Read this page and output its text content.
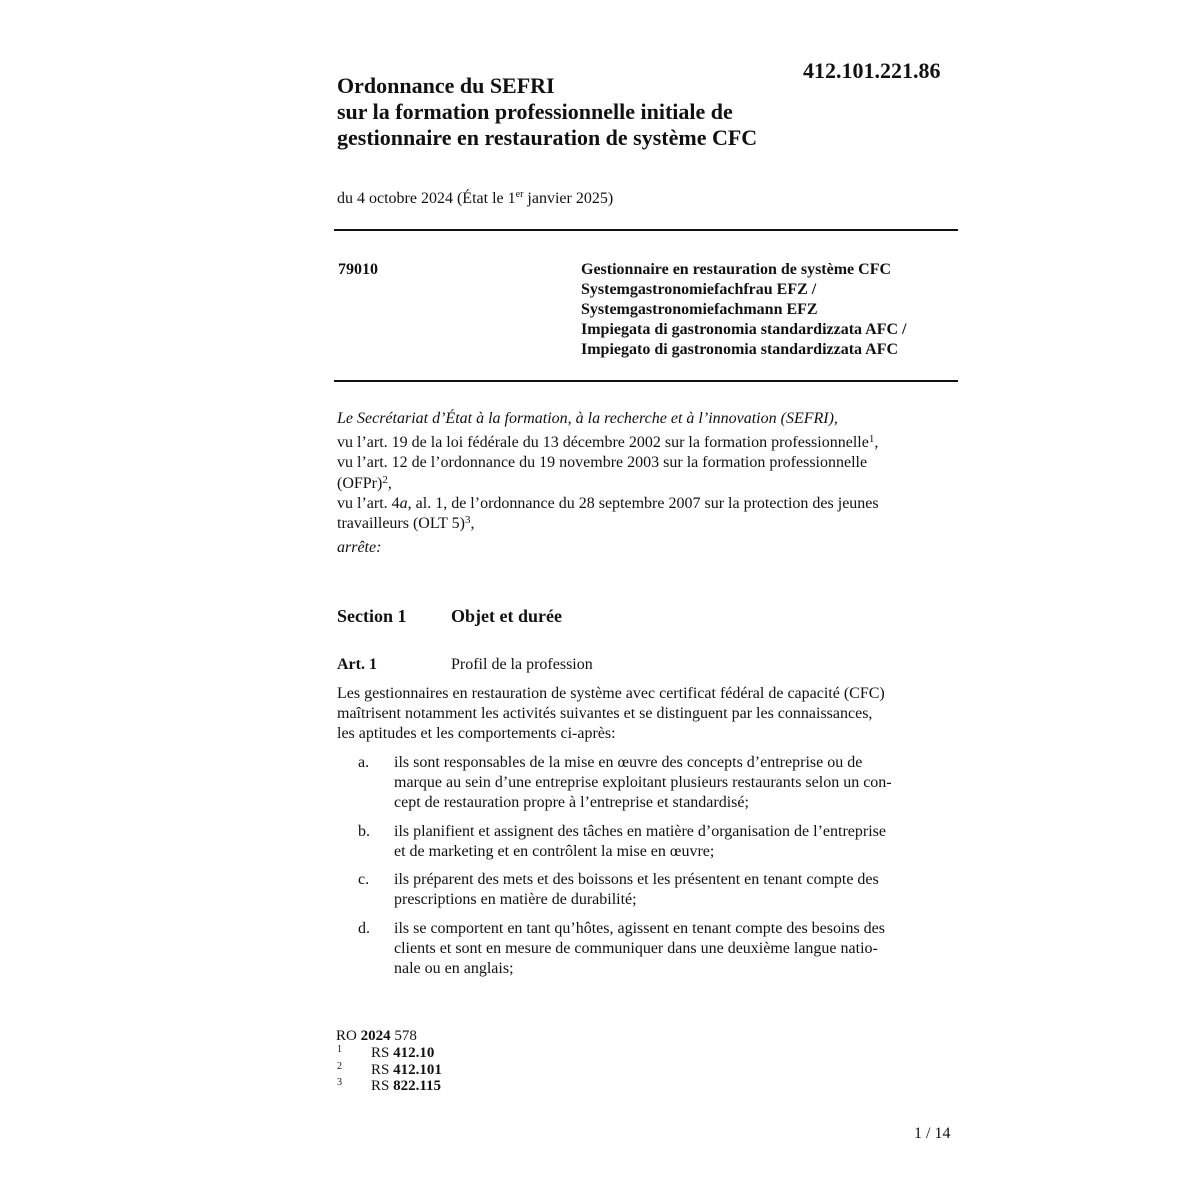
412.101.221.86
Ordonnance du SEFRI
sur la formation professionnelle initiale de
gestionnaire en restauration de système CFC
du 4 octobre 2024 (État le 1er janvier 2025)
79010	Gestionnaire en restauration de système CFC
Systemgastronomiefachfrau EFZ /
Systemgastronomiefachmann EFZ
Impiegata di gastronomia standardizzata AFC /
Impiegato di gastronomia standardizzata AFC
Le Secrétariat d’État à la formation, à la recherche et à l’innovation (SEFRI),
vu l’art. 19 de la loi fédérale du 13 décembre 2002 sur la formation professionnelle$^1$,
vu l’art. 12 de l’ordonnance du 19 novembre 2003 sur la formation professionnelle
(OFPr)$^2$,
vu l’art. 4a, al. 1, de l’ordonnance du 28 septembre 2007 sur la protection des jeunes
travailleurs (OLT 5)$^3$,
arrête:
Section 1 Objet et durée
Art. 1	Profil de la profession
Les gestionnaires en restauration de système avec certificat fédéral de capacité (CFC)
maîtrisent notamment les activités suivantes et se distinguent par les connaissances,
les aptitudes et les comportements ci-après:
a. ils sont responsables de la mise en œuvre des concepts d’entreprise ou de
marque au sein d’une entreprise exploitant plusieurs restaurants selon un con-
cept de restauration propre à l’entreprise et standardisé;
b. ils planifient et assignent des tâches en matière d’organisation de l’entreprise
et de marketing et en contrôlent la mise en œuvre;
c. ils préparent des mets et des boissons et les présentent en tenant compte des
prescriptions en matière de durabilité;
d. ils se comportent en tant qu’hôtes, agissent en tenant compte des besoins des
clients et sont en mesure de communiquer dans une deuxième langue natio-
nale ou en anglais;
RO 2024 578
1 RS 412.10
2 RS 412.101
3 RS 822.115
1 / 14
